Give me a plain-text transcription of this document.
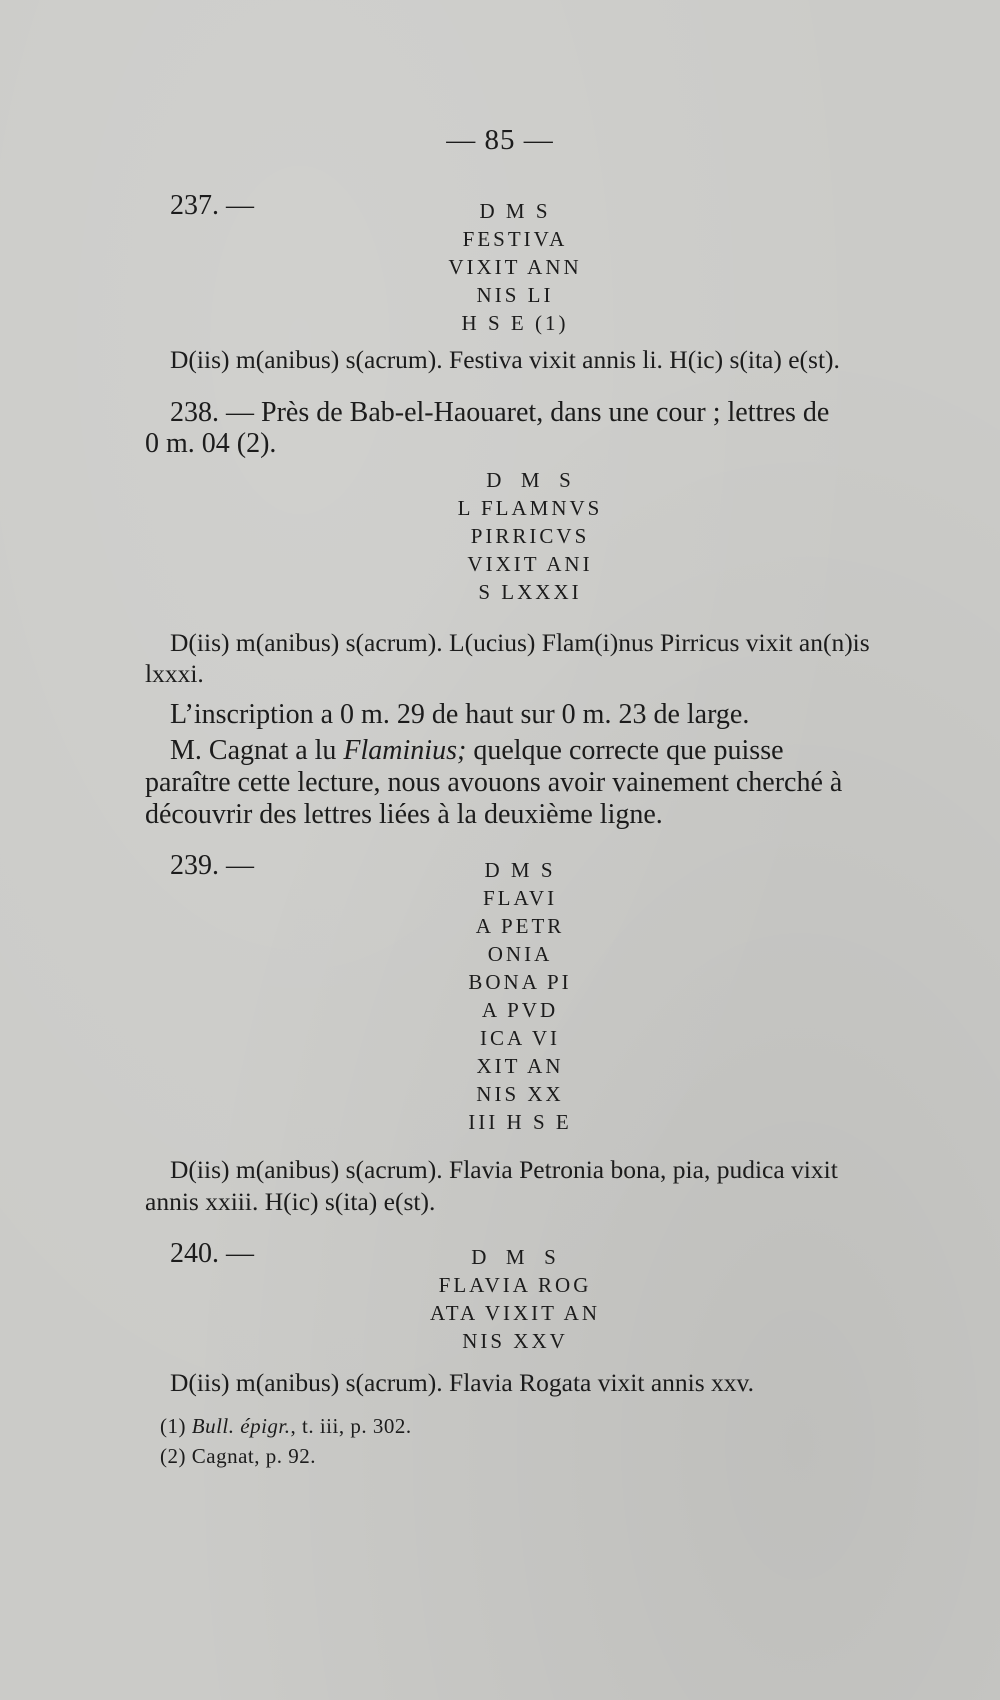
— 85 —
237. —	D M S
FESTIVA
VIXIT ANN
NIS LI
H S E (1)
D(iis) m(anibus) s(acrum). Festiva vixit annis li. H(ic) s(ita) e(st).
238. — Près de Bab-el-Haouaret, dans une cour ; lettres de
0 m. 04 (2).
D  M  S
L FLAMNVS
PIRRICVS
VIXIT ANI
S LXXXI
D(iis) m(anibus) s(acrum). L(ucius) Flam(i)nus Pirricus vixit an(n)is
lxxxi.
L’inscription a 0 m. 29 de haut sur 0 m. 23 de large.
M. Cagnat a lu Flaminius; quelque correcte que puisse
paraître cette lecture, nous avouons avoir vainement cherché à
découvrir des lettres liées à la deuxième ligne.
239. —	D M S
FLAVI
A PETR
ONIA
BONA PI
A PVD
ICA VI
XIT AN
NIS XX
III H S E
D(iis) m(anibus) s(acrum). Flavia Petronia bona, pia, pudica vixit
annis xxiii. H(ic) s(ita) e(st).
240. —	D  M  S
FLAVIA ROG
ATA VIXIT AN
NIS XXV
D(iis) m(anibus) s(acrum). Flavia Rogata vixit annis xxv.
(1) Bull. épigr., t. iii, p. 302.
(2) Cagnat, p. 92.
